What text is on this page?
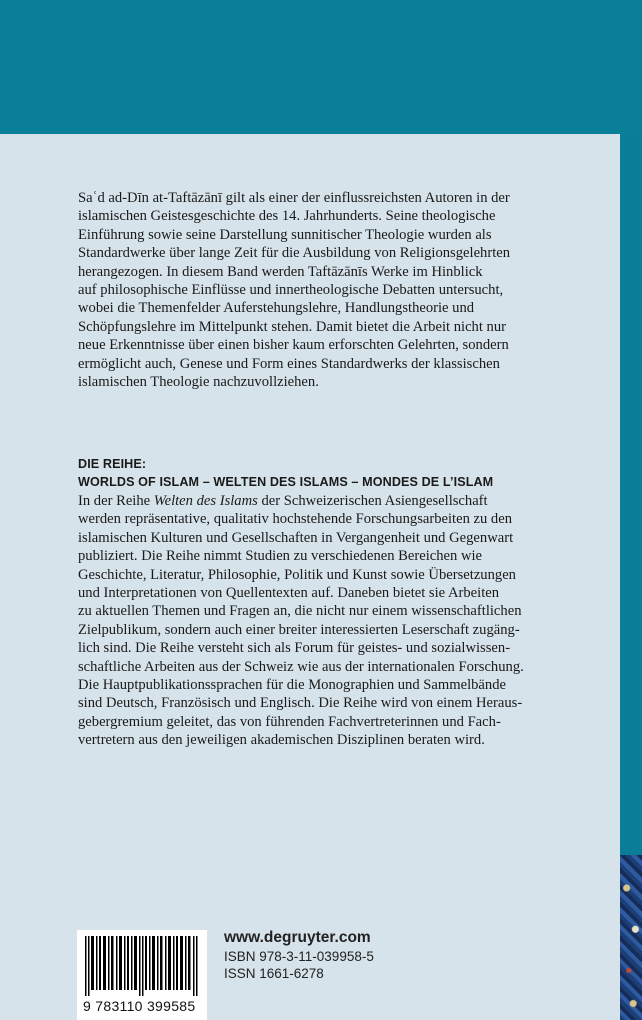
Saʿd ad-Dīn at-Taftāzānī gilt als einer der einflussreichsten Autoren in der
islamischen Geistesgeschichte des 14. Jahrhunderts. Seine theologische
Einführung sowie seine Darstellung sunnitischer Theologie wurden als
Standardwerke über lange Zeit für die Ausbildung von Religionsgelehrten
herangezogen. In diesem Band werden Taftāzānīs Werke im Hinblick
auf philosophische Einflüsse und innertheologische Debatten untersucht,
wobei die Themenfelder Auferstehungslehre, Handlungstheorie und
Schöpfungslehre im Mittelpunkt stehen. Damit bietet die Arbeit nicht nur
neue Erkenntnisse über einen bisher kaum erforschten Gelehrten, sondern
ermöglicht auch, Genese und Form eines Standardwerks der klassischen
islamischen Theologie nachzuvollziehen.
DIE REIHE:
WORLDS OF ISLAM – WELTEN DES ISLAMS – MONDES DE L’ISLAM
In der Reihe Welten des Islams der Schweizerischen Asiengesellschaft
werden repräsentative, qualitativ hochstehende Forschungsarbeiten zu den
islamischen Kulturen und Gesellschaften in Vergangenheit und Gegenwart
publiziert. Die Reihe nimmt Studien zu verschiedenen Bereichen wie
Geschichte, Literatur, Philosophie, Politik und Kunst sowie Übersetzungen
und Interpretationen von Quellentexten auf. Daneben bietet sie Arbeiten
zu aktuellen Themen und Fragen an, die nicht nur einem wissenschaftlichen
Zielpublikum, sondern auch einer breiter interessierten Leserschaft zugäng-
lich sind. Die Reihe versteht sich als Forum für geistes- und sozialwissen-
schaftliche Arbeiten aus der Schweiz wie aus der internationalen Forschung.
Die Hauptpublikationssprachen für die Monographien und Sammelbände
sind Deutsch, Französisch und Englisch. Die Reihe wird von einem Heraus-
gebergremium geleitet, das von führenden Fachvertreterinnen und Fach-
vertretern aus den jeweiligen akademischen Disziplinen beraten wird.
9 783110 399585
www.degruyter.com
ISBN 978-3-11-039958-5
ISSN 1661-6278
